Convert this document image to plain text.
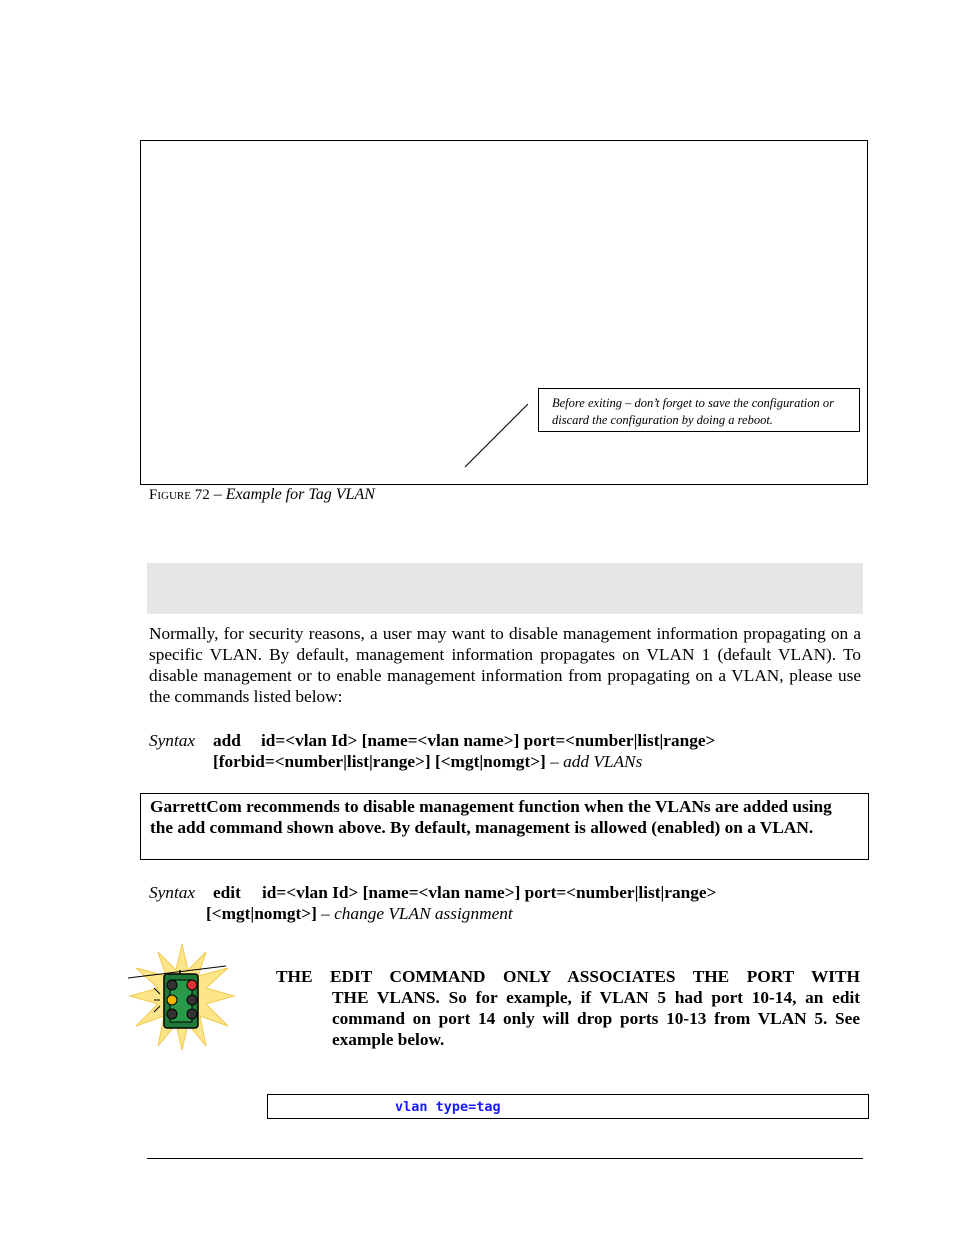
Before exiting – don’t forget to save the configuration or discard the configuration by doing a reboot.
Figure 72 – Example for Tag VLAN
Normally, for security reasons, a user may want to disable management information propagating on a specific VLAN. By default, management information propagates on VLAN 1 (default VLAN). To disable management or to enable management information from propagating on a VLAN, please use the commands listed below:
Syntax add id=<vlan Id> [name=<vlan name>] port=<number|list|range>
[forbid=<number|list|range>] [<mgt|nomgt>] – add VLANs
GarrettCom recommends to disable management function when the VLANs are added using the add command shown above. By default, management is allowed (enabled) on a VLAN.
Syntax edit id=<vlan Id> [name=<vlan name>] port=<number|list|range>
[<mgt|nomgt>] – change VLAN assignment
THE EDIT COMMAND ONLY ASSOCIATES THE PORT WITH
THE VLANS. So for example, if VLAN 5 had port 10-14, an edit command on port 14 only will drop ports 10-13 from VLAN 5. See example below.
vlan type=tag
